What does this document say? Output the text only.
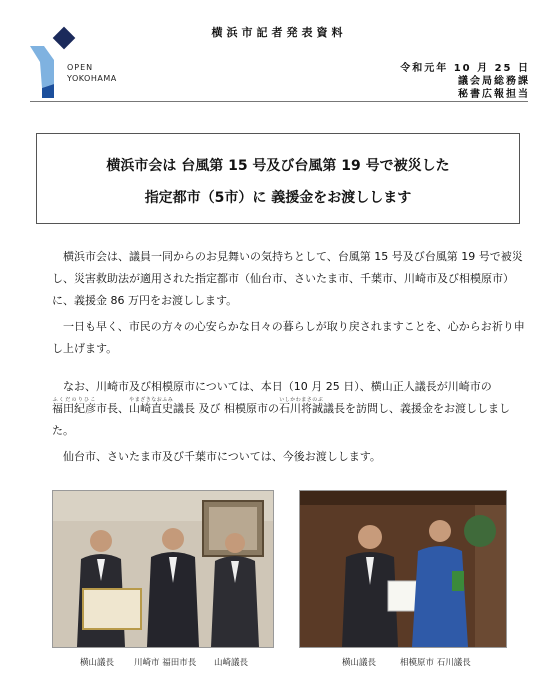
横浜市記者発表資料
OPEN
YOKOHAMA
令和元年 10 月 25 日
議会局総務課
秘書広報担当
横浜市会は 台風第 15 号及び台風第 19 号で被災した
指定都市（5市）に 義援金をお渡しします
横浜市会は、議員一同からのお見舞いの気持ちとして、台風第 15 号及び台風第 19 号で被災し、災害救助法が適用された指定都市（仙台市、さいたま市、千葉市、川崎市及び相模原市）に、義援金 86 万円をお渡しします。
一日も早く、市民の方々の心安らかな日々の暮らしが取り戻されますことを、心からお祈り申し上げます。
なお、川崎市及び相模原市については、本日（10 月 25 日）、横山正人議長が川崎市の福田紀彦ふくだのりひこ市長、山崎直史やまざきなおふみ議長 及び 相模原市の石川将誠いしかわまさのぶ議長を訪問し、義援金をお渡ししました。
仙台市、さいたま市及び千葉市については、今後お渡しします。
横山議長 川崎市 福田市長 山崎議長	横山議長	相模原市 石川議長
